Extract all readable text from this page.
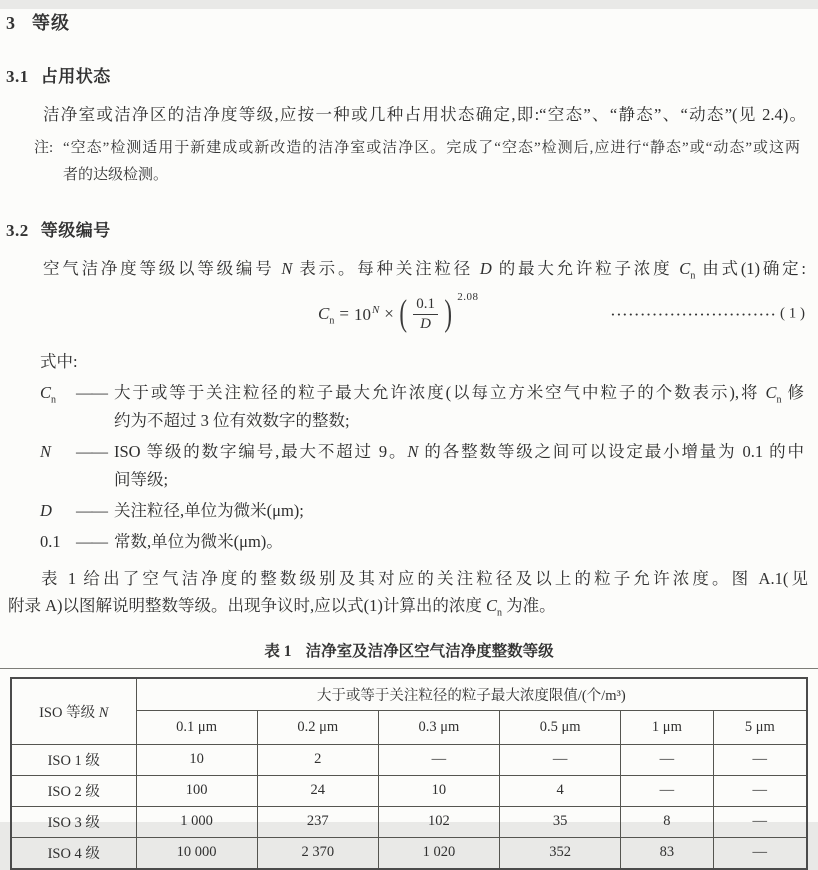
3 等级
3.1 占用状态

洁净室或洁净区的洁净度等级,应按一种或几种占用状态确定,即:“空态”、“静态”、“动态”(见 2.4)。

注: “空态”检测适用于新建成或新改造的洁净室或洁净区。完成了“空态”检测后,应进行“静态”或“动态”或这两
者的达级检测。
3.2 等级编号

空气洁净度等级以等级编号 N 表示。每种关注粒径 D 的最大允许粒子浓度 $C_n$ 由式(1)确定:

$C_n = 10^N$ × ( $\frac{0.1}{D}$ ) 2.08
···························· ( 1 )

式中:

$C_n$	—— 大于或等于关注粒径的粒子最大允许浓度(以每立方米空气中粒子的个数表示),将 $C_n$ 修
约为不超过 3 位有效数字的整数;
N	—— ISO 等级的数字编号,最大不超过 9。N 的各整数等级之间可以设定最小增量为 0.1 的中
间等级;
D	—— 关注粒径,单位为微米(μm);
0.1 —— 常数,单位为微米(μm)。
表 1 给出了空气洁净度的整数级别及其对应的关注粒径及以上的粒子允许浓度。图 A.1(见
附录 A)以图解说明整数等级。出现争议时,应以式(1)计算出的浓度 $C_n$ 为准。

表 1 洁净室及洁净区空气洁净度整数等级

ISO 等级 N	大于或等于关注粒径的粒子最大浓度限值/(个/m³)					
	0.1 μm	0.2 μm	0.3 μm	0.5 μm	1 μm	5 μm
ISO 1 级	10	2	—	—	—	—
ISO 2 级	100	24	10	4	—	—
ISO 3 级	1 000	237	102	35	8	—
ISO 4 级	10 000	2 370	1 020	352	83	—
